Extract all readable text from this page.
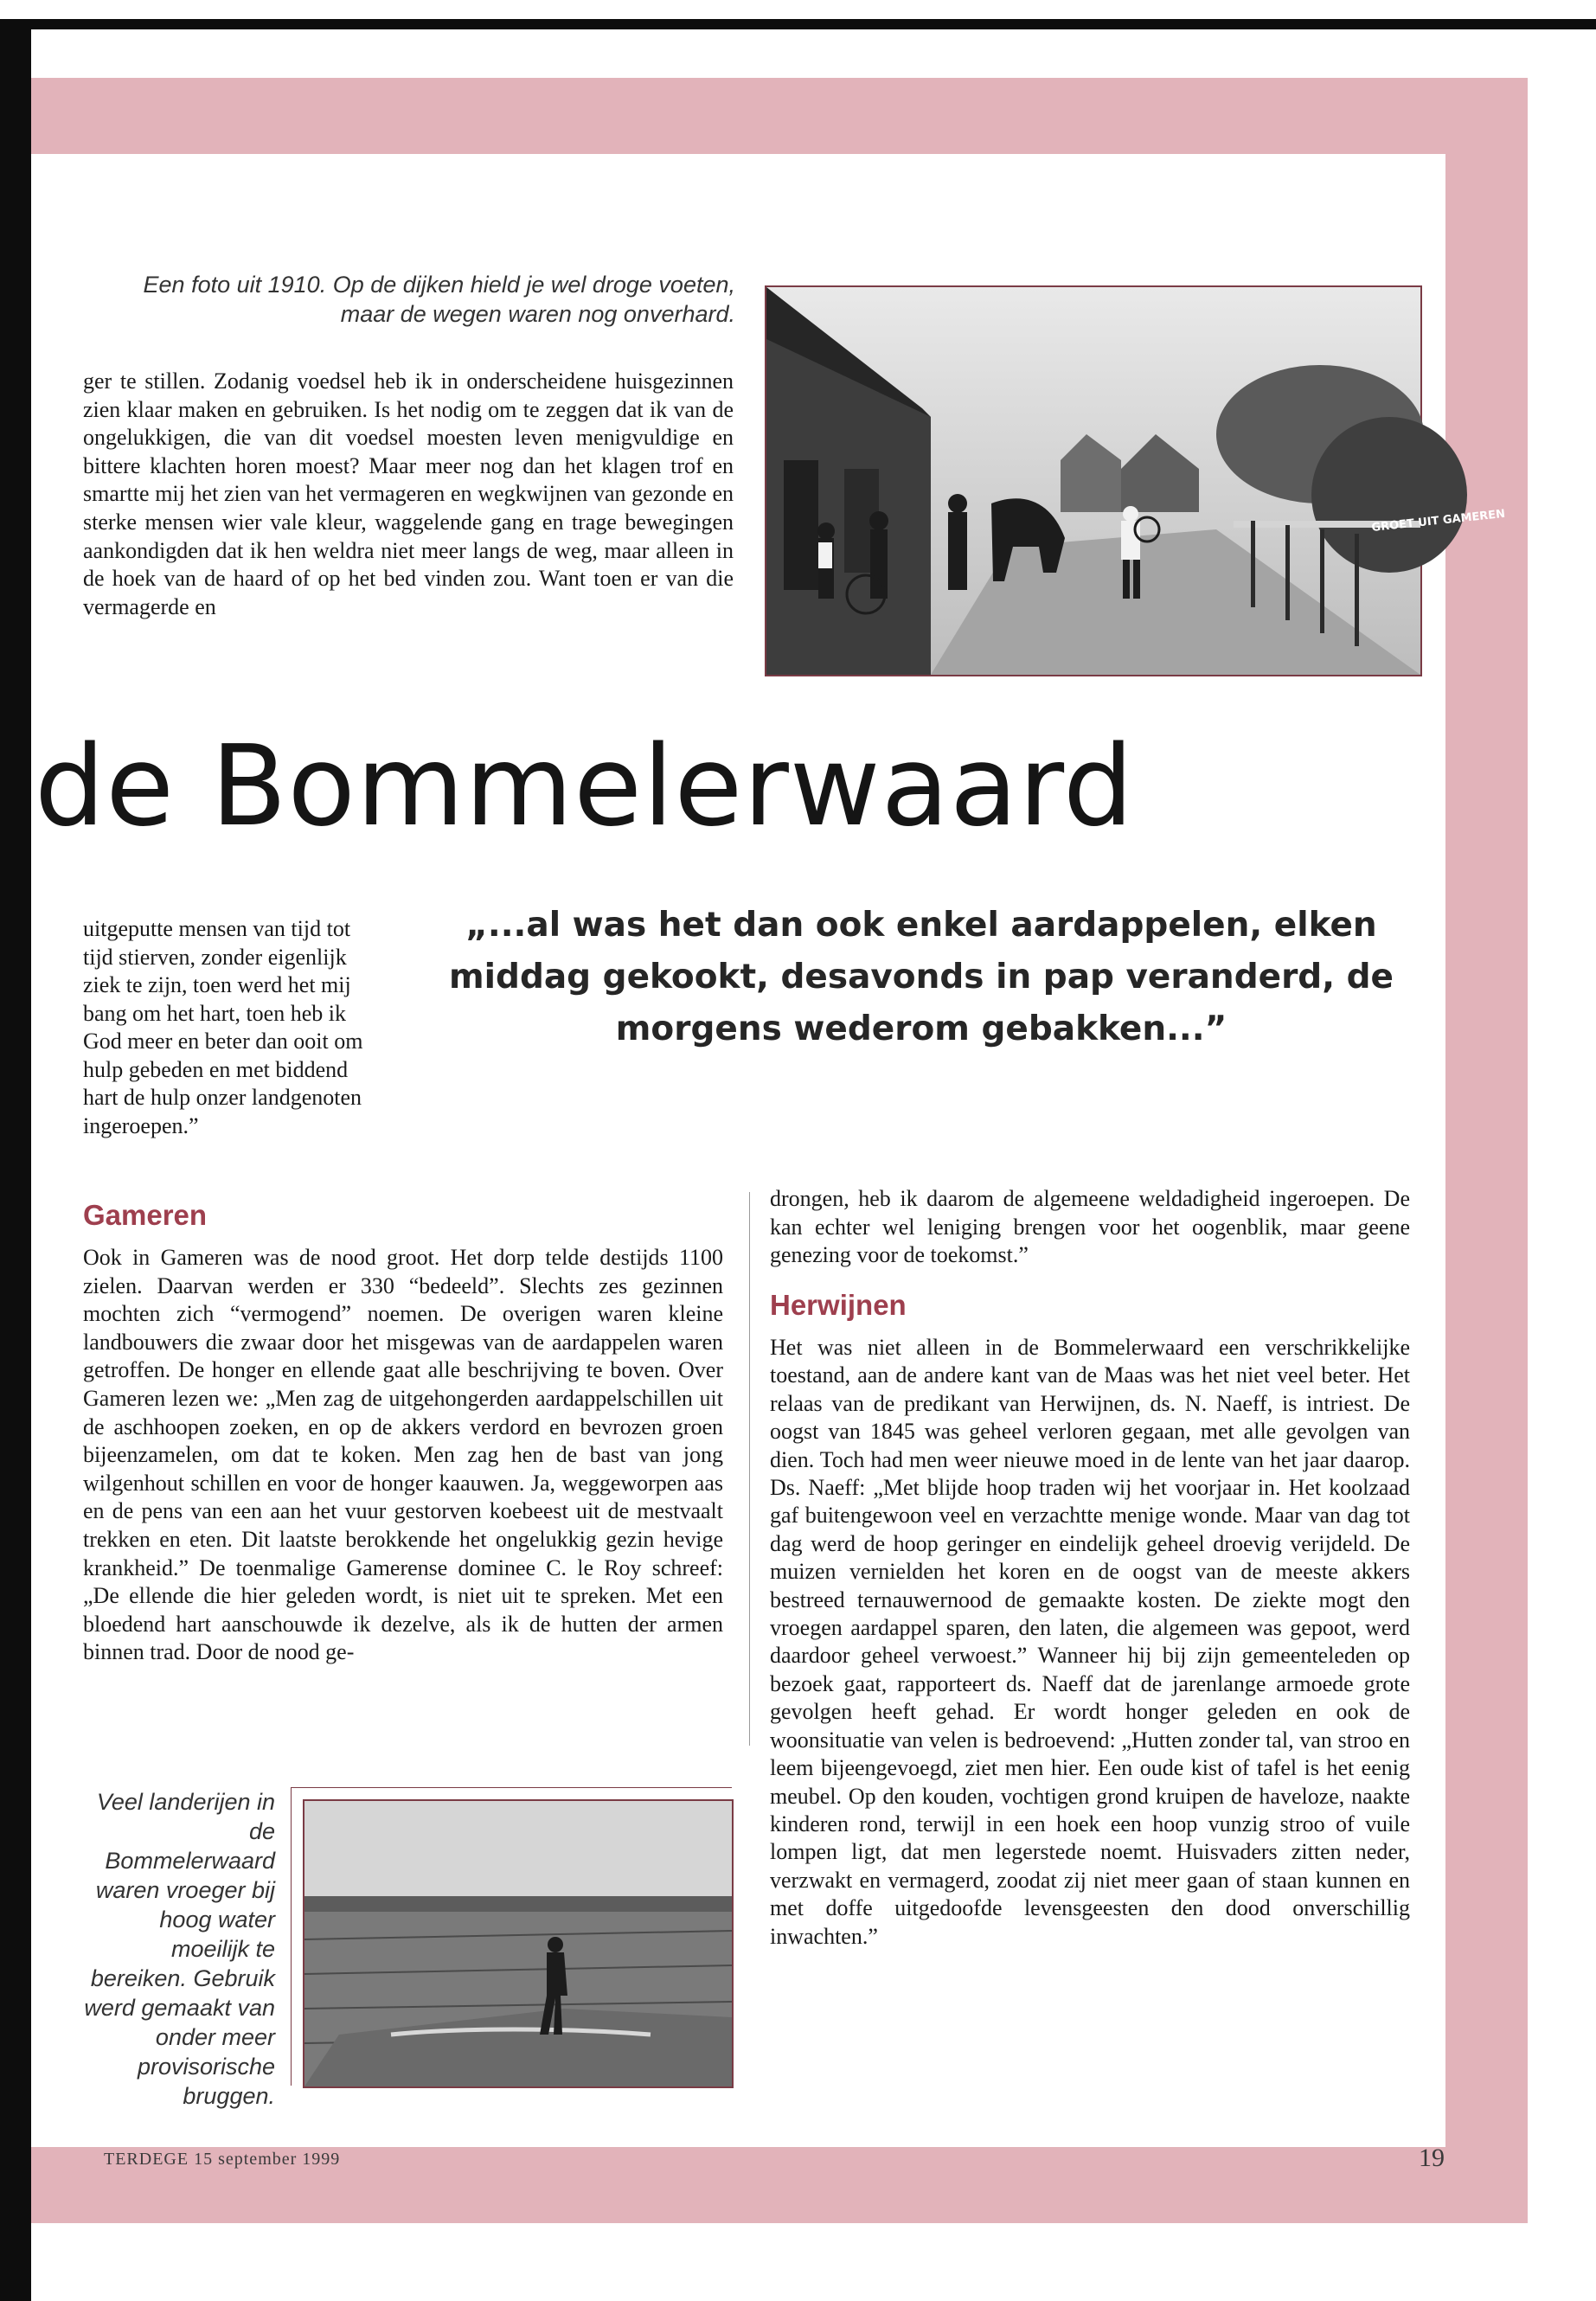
Een foto uit 1910. Op de dijken hield je wel droge voeten, maar de wegen waren nog onverhard.

ger te stillen. Zodanig voedsel heb ik in onderscheidene huisgezinnen zien klaar maken en gebruiken. Is het nodig om te zeggen dat ik van de ongelukkigen, die van dit voedsel moesten leven menigvuldige en bittere klachten horen moest? Maar meer nog dan het klagen trof en smartte mij het zien van het vermageren en wegkwijnen van gezonde en sterke mensen wier vale kleur, waggelende gang en trage bewegingen aankondigden dat ik hen weldra niet meer langs de weg, maar alleen in de hoek van de haard of op het bed vinden zou. Want toen er van die vermagerde en

GROET UIT GAMEREN
de Bommelerwaard

uitgeputte mensen van tijd tot tijd stierven, zonder eigenlijk ziek te zijn, toen werd het mij bang om het hart, toen heb ik God meer en beter dan ooit om hulp gebeden en met biddend hart de hulp onzer landgenoten ingeroepen.”

„...al was het dan ook enkel aardappelen, elken middag gekookt, desavonds in pap veranderd, de morgens wederom gebakken...”
Gameren

Ook in Gameren was de nood groot. Het dorp telde destijds 1100 zielen. Daarvan werden er 330 “bedeeld”. Slechts zes gezinnen mochten zich “vermogend” noemen. De overigen waren kleine landbouwers die zwaar door het misgewas van de aardappelen waren getroffen. De honger en ellende gaat alle beschrijving te boven. Over Gameren lezen we: „Men zag de uitgehongerden aardappelschillen uit de aschhoopen zoeken, en op de akkers verdord en bevrozen groen bijeenzamelen, om dat te koken. Men zag hen de bast van jong wilgenhout schillen en voor de honger kaauwen. Ja, weggeworpen aas en de pens van een aan het vuur gestorven koebeest uit de mestvaalt trekken en eten. Dit laatste berokkende het ongelukkig gezin hevige krankheid.” De toenmalige Gamerense dominee C. le Roy schreef: „De ellende die hier geleden wordt, is niet uit te spreken. Met een bloedend hart aanschouwde ik dezelve, als ik de hutten der armen binnen trad. Door de nood ge-

drongen, heb ik daarom de algemeene weldadigheid ingeroepen. De kan echter wel leniging brengen voor het oogenblik, maar geene genezing voor de toekomst.”

Herwijnen

Het was niet alleen in de Bommelerwaard een verschrikkelijke toestand, aan de andere kant van de Maas was het niet veel beter. Het relaas van de predikant van Herwijnen, ds. N. Naeff, is intriest. De oogst van 1845 was geheel verloren gegaan, met alle gevolgen van dien. Toch had men weer nieuwe moed in de lente van het jaar daarop. Ds. Naeff: „Met blijde hoop traden wij het voorjaar in. Het koolzaad gaf buitengewoon veel en verzachtte menige wonde. Maar van dag tot dag werd de hoop geringer en eindelijk geheel droevig verijdeld. De muizen vernielden het koren en de oogst van de meeste akkers bestreed ternauwernood de gemaakte kosten. De ziekte mogt den vroegen aardappel sparen, den laten, die algemeen was gepoot, werd daardoor geheel verwoest.” Wanneer hij bij zijn gemeenteleden op bezoek gaat, rapporteert ds. Naeff dat de jarenlange armoede grote gevolgen heeft gehad. Er wordt honger geleden en ook de woonsituatie van velen is bedroevend: „Hutten zonder tal, van stroo en leem bijeengevoegd, ziet men hier. Een oude kist of tafel is het eenig meubel. Op den kouden, vochtigen grond kruipen de haveloze, naakte kinderen rond, terwijl in een hoek een hoop vunzig stroo of vuile lompen ligt, dat men legerstede noemt. Huisvaders zitten neder, verzwakt en vermagerd, zoodat zij niet meer gaan of staan kunnen en met doffe uitgedoofde levensgeesten den dood onverschillig inwachten.”

Veel landerijen in de Bommelerwaard waren vroeger bij hoog water moeilijk te bereiken. Gebruik werd gemaakt van onder meer provisorische bruggen.
TERDEGE 15 september 1999	19
